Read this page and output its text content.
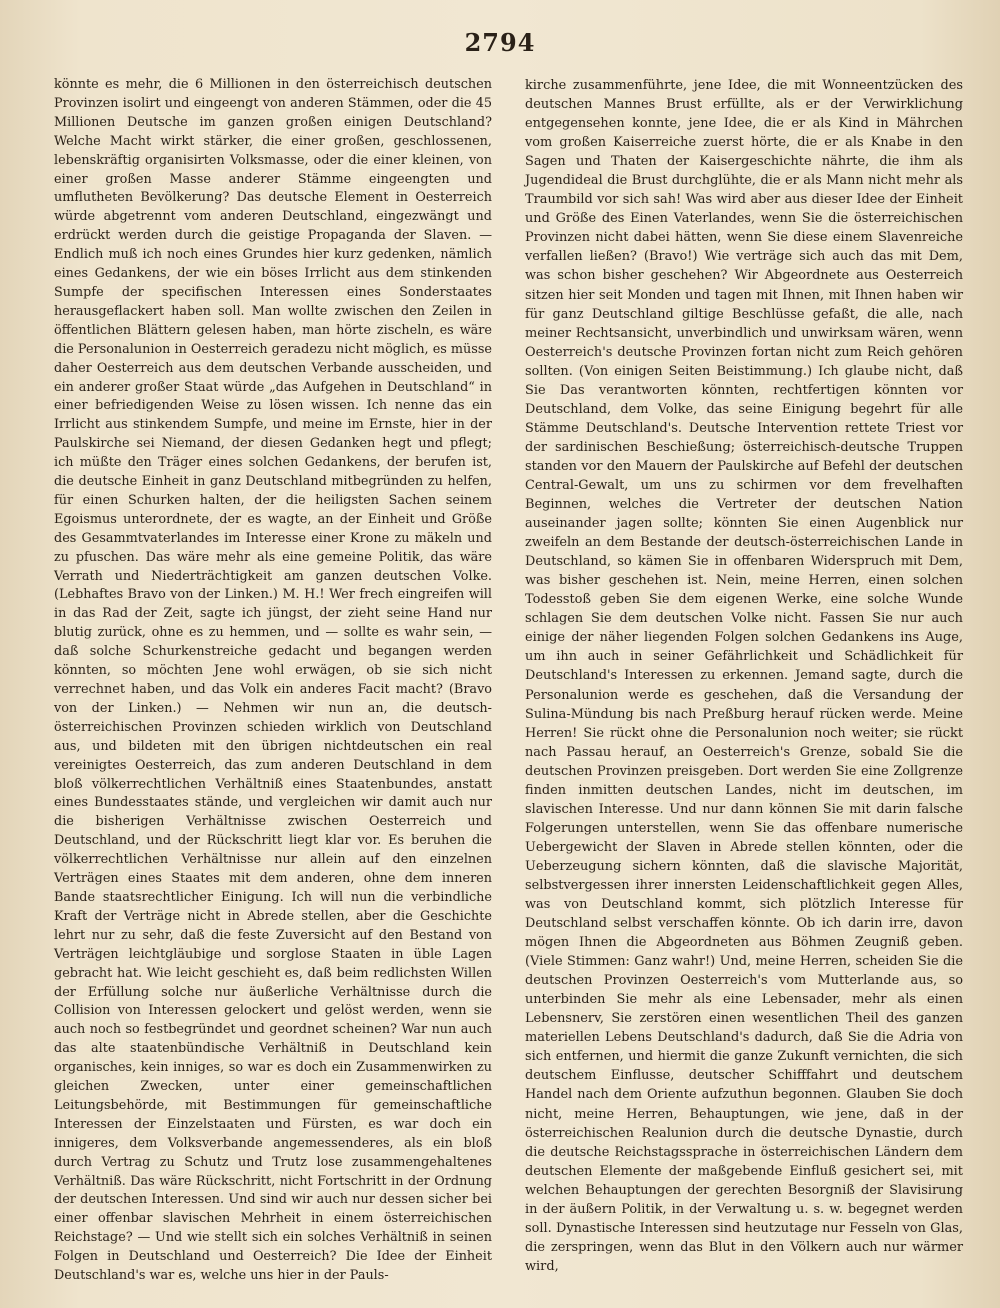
2794

könnte es mehr, die 6 Millionen in den österreichisch deutschen Provinzen isolirt und eingeengt von anderen Stämmen, oder die 45 Millionen Deutsche im ganzen großen einigen Deutschland? Welche Macht wirkt stärker, die einer großen, geschlossenen, lebenskräftig organisirten Volksmasse, oder die einer kleinen, von einer großen Masse anderer Stämme eingeengten und umflutheten Bevölkerung? Das deutsche Element in Oesterreich würde abgetrennt vom anderen Deutschland, eingezwängt und erdrückt werden durch die geistige Propaganda der Slaven. — Endlich muß ich noch eines Grundes hier kurz gedenken, nämlich eines Gedankens, der wie ein böses Irrlicht aus dem stinkenden Sumpfe der specifischen Interessen eines Sonderstaates herausgeflackert haben soll. Man wollte zwischen den Zeilen in öffentlichen Blättern gelesen haben, man hörte zischeln, es wäre die Personalunion in Oesterreich geradezu nicht möglich, es müsse daher Oesterreich aus dem deutschen Verbande ausscheiden, und ein anderer großer Staat würde „das Aufgehen in Deutschland“ in einer befriedigenden Weise zu lösen wissen. Ich nenne das ein Irrlicht aus stinkendem Sumpfe, und meine im Ernste, hier in der Paulskirche sei Niemand, der diesen Gedanken hegt und pflegt; ich müßte den Träger eines solchen Gedankens, der berufen ist, die deutsche Einheit in ganz Deutschland mitbegründen zu helfen, für einen Schurken halten, der die heiligsten Sachen seinem Egoismus unterordnete, der es wagte, an der Einheit und Größe des Gesammtvaterlandes im Interesse einer Krone zu mäkeln und zu pfuschen. Das wäre mehr als eine gemeine Politik, das wäre Verrath und Niederträchtigkeit am ganzen deutschen Volke. (Lebhaftes Bravo von der Linken.) M. H.! Wer frech eingreifen will in das Rad der Zeit, sagte ich jüngst, der zieht seine Hand nur blutig zurück, ohne es zu hemmen, und — sollte es wahr sein, — daß solche Schurkenstreiche gedacht und begangen werden könnten, so möchten Jene wohl erwägen, ob sie sich nicht verrechnet haben, und das Volk ein anderes Facit macht? (Bravo von der Linken.) — Nehmen wir nun an, die deutsch-österreichischen Provinzen schieden wirklich von Deutschland aus, und bildeten mit den übrigen nichtdeutschen ein real vereinigtes Oesterreich, das zum anderen Deutschland in dem bloß völkerrechtlichen Verhältniß eines Staatenbundes, anstatt eines Bundesstaates stände, und vergleichen wir damit auch nur die bisherigen Verhältnisse zwischen Oesterreich und Deutschland, und der Rückschritt liegt klar vor. Es beruhen die völkerrechtlichen Verhältnisse nur allein auf den einzelnen Verträgen eines Staates mit dem anderen, ohne dem inneren Bande staatsrechtlicher Einigung. Ich will nun die verbindliche Kraft der Verträge nicht in Abrede stellen, aber die Geschichte lehrt nur zu sehr, daß die feste Zuversicht auf den Bestand von Verträgen leichtgläubige und sorglose Staaten in üble Lagen gebracht hat. Wie leicht geschieht es, daß beim redlichsten Willen der Erfüllung solche nur äußerliche Verhältnisse durch die Collision von Interessen gelockert und gelöst werden, wenn sie auch noch so festbegründet und geordnet scheinen? War nun auch das alte staatenbündische Verhältniß in Deutschland kein organisches, kein inniges, so war es doch ein Zusammenwirken zu gleichen Zwecken, unter einer gemeinschaftlichen Leitungsbehörde, mit Bestimmungen für gemeinschaftliche Interessen der Einzelstaaten und Fürsten, es war doch ein innigeres, dem Volksverbande angemessenderes, als ein bloß durch Vertrag zu Schutz und Trutz lose zusammengehaltenes Verhältniß. Das wäre Rückschritt, nicht Fortschritt in der Ordnung der deutschen Interessen. Und sind wir auch nur dessen sicher bei einer offenbar slavischen Mehrheit in einem österreichischen Reichstage? — Und wie stellt sich ein solches Verhältniß in seinen Folgen in Deutschland und Oesterreich? Die Idee der Einheit Deutschland's war es, welche uns hier in der Pauls-

kirche zusammenführte, jene Idee, die mit Wonneentzücken des deutschen Mannes Brust erfüllte, als er der Verwirklichung entgegensehen konnte, jene Idee, die er als Kind in Mährchen vom großen Kaiserreiche zuerst hörte, die er als Knabe in den Sagen und Thaten der Kaisergeschichte nährte, die ihm als Jugendideal die Brust durchglühte, die er als Mann nicht mehr als Traumbild vor sich sah! Was wird aber aus dieser Idee der Einheit und Größe des Einen Vaterlandes, wenn Sie die österreichischen Provinzen nicht dabei hätten, wenn Sie diese einem Slavenreiche verfallen ließen? (Bravo!) Wie verträge sich auch das mit Dem, was schon bisher geschehen? Wir Abgeordnete aus Oesterreich sitzen hier seit Monden und tagen mit Ihnen, mit Ihnen haben wir für ganz Deutschland giltige Beschlüsse gefaßt, die alle, nach meiner Rechtsansicht, unverbindlich und unwirksam wären, wenn Oesterreich's deutsche Provinzen fortan nicht zum Reich gehören sollten. (Von einigen Seiten Beistimmung.) Ich glaube nicht, daß Sie Das verantworten könnten, rechtfertigen könnten vor Deutschland, dem Volke, das seine Einigung begehrt für alle Stämme Deutschland's. Deutsche Intervention rettete Triest vor der sardinischen Beschießung; österreichisch-deutsche Truppen standen vor den Mauern der Paulskirche auf Befehl der deutschen Central-Gewalt, um uns zu schirmen vor dem frevelhaften Beginnen, welches die Vertreter der deutschen Nation auseinander jagen sollte; könnten Sie einen Augenblick nur zweifeln an dem Bestande der deutsch-österreichischen Lande in Deutschland, so kämen Sie in offenbaren Widerspruch mit Dem, was bisher geschehen ist. Nein, meine Herren, einen solchen Todesstoß geben Sie dem eigenen Werke, eine solche Wunde schlagen Sie dem deutschen Volke nicht. Fassen Sie nur auch einige der näher liegenden Folgen solchen Gedankens ins Auge, um ihn auch in seiner Gefährlichkeit und Schädlichkeit für Deutschland's Interessen zu erkennen. Jemand sagte, durch die Personalunion werde es geschehen, daß die Versandung der Sulina-Mündung bis nach Preßburg herauf rücken werde. Meine Herren! Sie rückt ohne die Personalunion noch weiter; sie rückt nach Passau herauf, an Oesterreich's Grenze, sobald Sie die deutschen Provinzen preisgeben. Dort werden Sie eine Zollgrenze finden inmitten deutschen Landes, nicht im deutschen, im slavischen Interesse. Und nur dann können Sie mit darin falsche Folgerungen unterstellen, wenn Sie das offenbare numerische Uebergewicht der Slaven in Abrede stellen könnten, oder die Ueberzeugung sichern könnten, daß die slavische Majorität, selbstvergessen ihrer innersten Leidenschaftlichkeit gegen Alles, was von Deutschland kommt, sich plötzlich Interesse für Deutschland selbst verschaffen könnte. Ob ich darin irre, davon mögen Ihnen die Abgeordneten aus Böhmen Zeugniß geben. (Viele Stimmen: Ganz wahr!) Und, meine Herren, scheiden Sie die deutschen Provinzen Oesterreich's vom Mutterlande aus, so unterbinden Sie mehr als eine Lebensader, mehr als einen Lebensnerv, Sie zerstören einen wesentlichen Theil des ganzen materiellen Lebens Deutschland's dadurch, daß Sie die Adria von sich entfernen, und hiermit die ganze Zukunft vernichten, die sich deutschem Einflusse, deutscher Schifffahrt und deutschem Handel nach dem Oriente aufzuthun begonnen. Glauben Sie doch nicht, meine Herren, Behauptungen, wie jene, daß in der österreichischen Realunion durch die deutsche Dynastie, durch die deutsche Reichstagssprache in österreichischen Ländern dem deutschen Elemente der maßgebende Einfluß gesichert sei, mit welchen Behauptungen der gerechten Besorgniß der Slavisirung in der äußern Politik, in der Verwaltung u. s. w. begegnet werden soll. Dynastische Interessen sind heutzutage nur Fesseln von Glas, die zerspringen, wenn das Blut in den Völkern auch nur wärmer wird,
